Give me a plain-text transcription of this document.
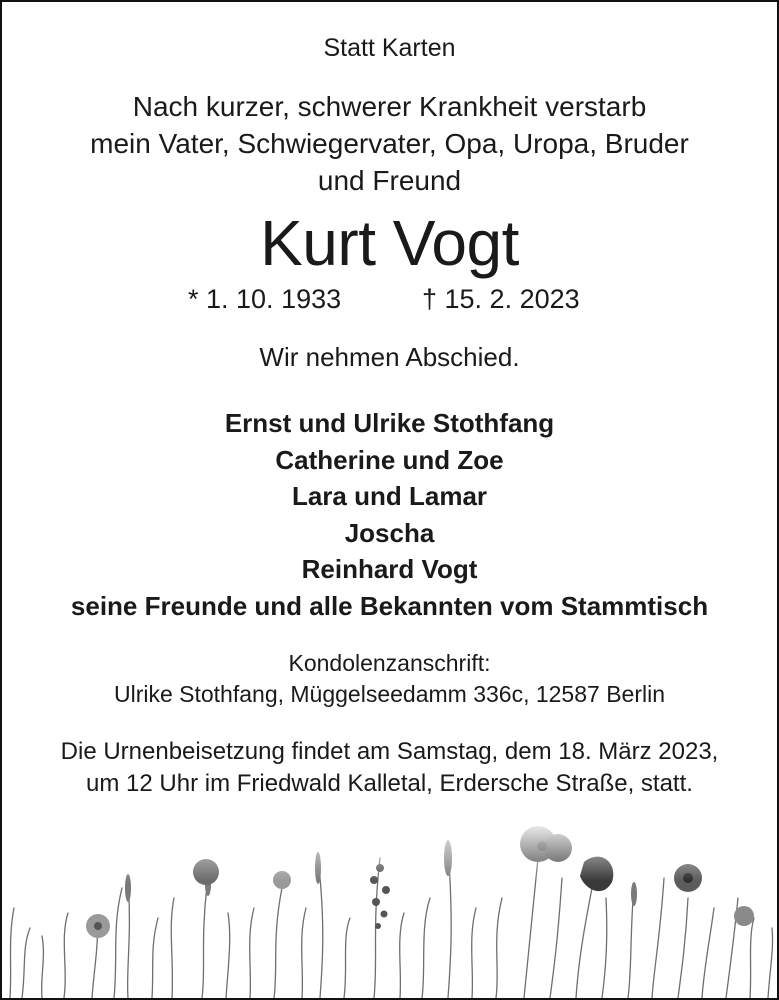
Statt Karten
Nach kurzer, schwerer Krankheit verstarb
mein Vater, Schwiegervater, Opa, Uropa, Bruder
und Freund
Kurt Vogt
* 1. 10. 1933	† 15. 2. 2023
Wir nehmen Abschied.
Ernst und Ulrike Stothfang
Catherine und Zoe
Lara und Lamar
Joscha
Reinhard Vogt
seine Freunde und alle Bekannten vom Stammtisch
Kondolenzanschrift:
Ulrike Stothfang, Müggelseedamm 336c, 12587 Berlin
Die Urnenbeisetzung findet am Samstag, dem 18. März 2023,
um 12 Uhr im Friedwald Kalletal, Erdersche Straße, statt.
